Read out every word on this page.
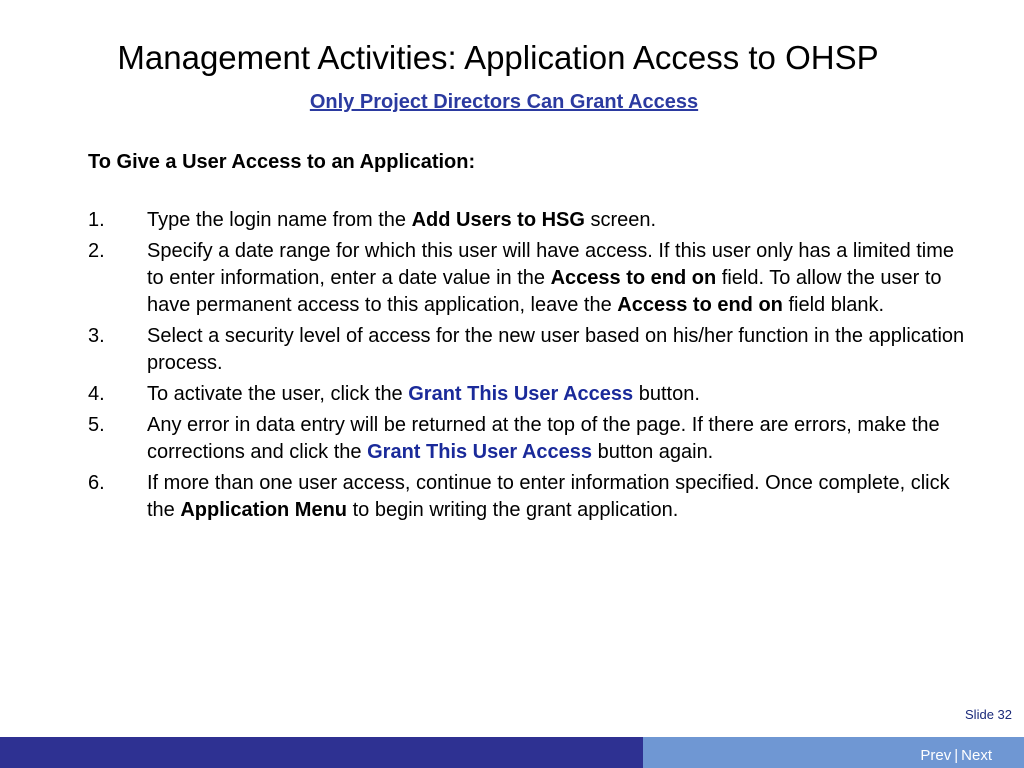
Management Activities: Application Access to OHSP
Only Project Directors Can Grant Access
To Give a User Access to an Application:
1. Type the login name from the Add Users to HSG screen.
2. Specify a date range for which this user will have access. If this user only has a limited time to enter information, enter a date value in the Access to end on field. To allow the user to have permanent access to this application, leave the Access to end on field blank.
3. Select a security level of access for the new user based on his/her function in the application process.
4. To activate the user, click the Grant This User Access button.
5. Any error in data entry will be returned at the top of the page. If there are errors, make the corrections and click the Grant This User Access button again.
6. If more than one user access, continue to enter information specified. Once complete, click the Application Menu to begin writing the grant application.
Slide 32
Prev | Next
